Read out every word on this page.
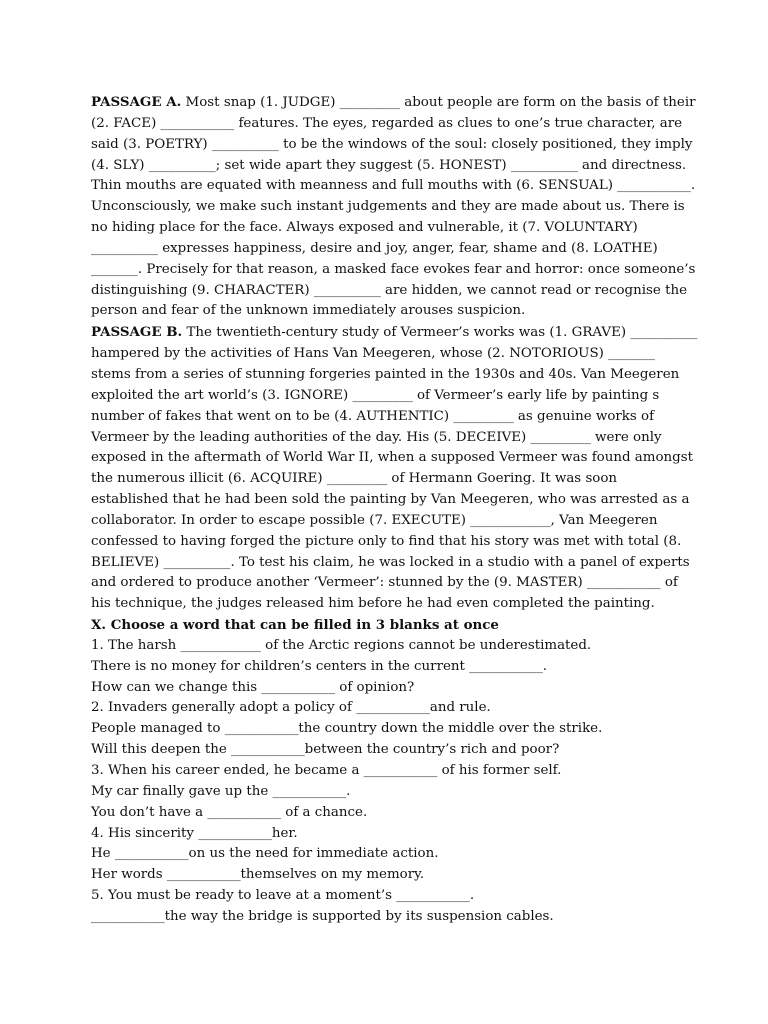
PASSAGE A. Most snap (1. JUDGE) _________ about people are form on the basis of their (2. FACE) ___________ features. The eyes, regarded as clues to one’s true character, are said (3. POETRY) __________ to be the windows of the soul: closely positioned, they imply (4. SLY) __________; set wide apart they suggest (5. HONEST) __________ and directness. Thin mouths are equated with meanness and full mouths with (6. SENSUAL) ___________. Unconsciously, we make such instant judgements and they are made about us. There is no hiding place for the face. Always exposed and vulnerable, it (7. VOLUNTARY) __________ expresses happiness, desire and joy, anger, fear, shame and (8. LOATHE) _______. Precisely for that reason, a masked face evokes fear and horror: once someone’s distinguishing (9. CHARACTER) __________ are hidden, we cannot read or recognise the person and fear of the unknown immediately arouses suspicion.

PASSAGE B. The twentieth-century study of Vermeer’s works was (1. GRAVE) __________ hampered by the activities of Hans Van Meegeren, whose (2. NOTORIOUS) _______ stems from a series of stunning forgeries painted in the 1930s and 40s. Van Meegeren exploited the art world’s (3. IGNORE) _________ of Vermeer’s early life by painting s number of fakes that went on to be (4. AUTHENTIC) _________ as genuine works of Vermeer by the leading authorities of the day. His (5. DECEIVE) _________ were only exposed in the aftermath of World War II, when a supposed Vermeer was found amongst the numerous illicit (6. ACQUIRE) _________ of Hermann Goering. It was soon established that he had been sold the painting by Van Meegeren, who was arrested as a collaborator. In order to escape possible (7. EXECUTE) ____________, Van Meegeren confessed to having forged the picture only to find that his story was met with total (8. BELIEVE) __________. To test his claim, he was locked in a studio with a panel of experts and ordered to produce another ‘Vermeer’: stunned by the (9. MASTER) ___________ of his technique, the judges released him before he had even completed the painting.

X. Choose a word that can be filled in 3 blanks at once

1. The harsh ____________ of the Arctic regions cannot be underestimated.

There is no money for children’s centers in the current ___________.

How can we change this ___________ of opinion?

2. Invaders generally adopt a policy of ___________and rule.

People managed to ___________the country down the middle over the strike.

Will this deepen the ___________between the country’s rich and poor?

3. When his career ended, he became a ___________ of his former self.

My car finally gave up the ___________.

You don’t have a ___________ of a chance.

4. His sincerity ___________her.

He ___________on us the need for immediate action.

Her words ___________themselves on my memory.

5. You must be ready to leave at a moment’s ___________.

___________the way the bridge is supported by its suspension cables.
